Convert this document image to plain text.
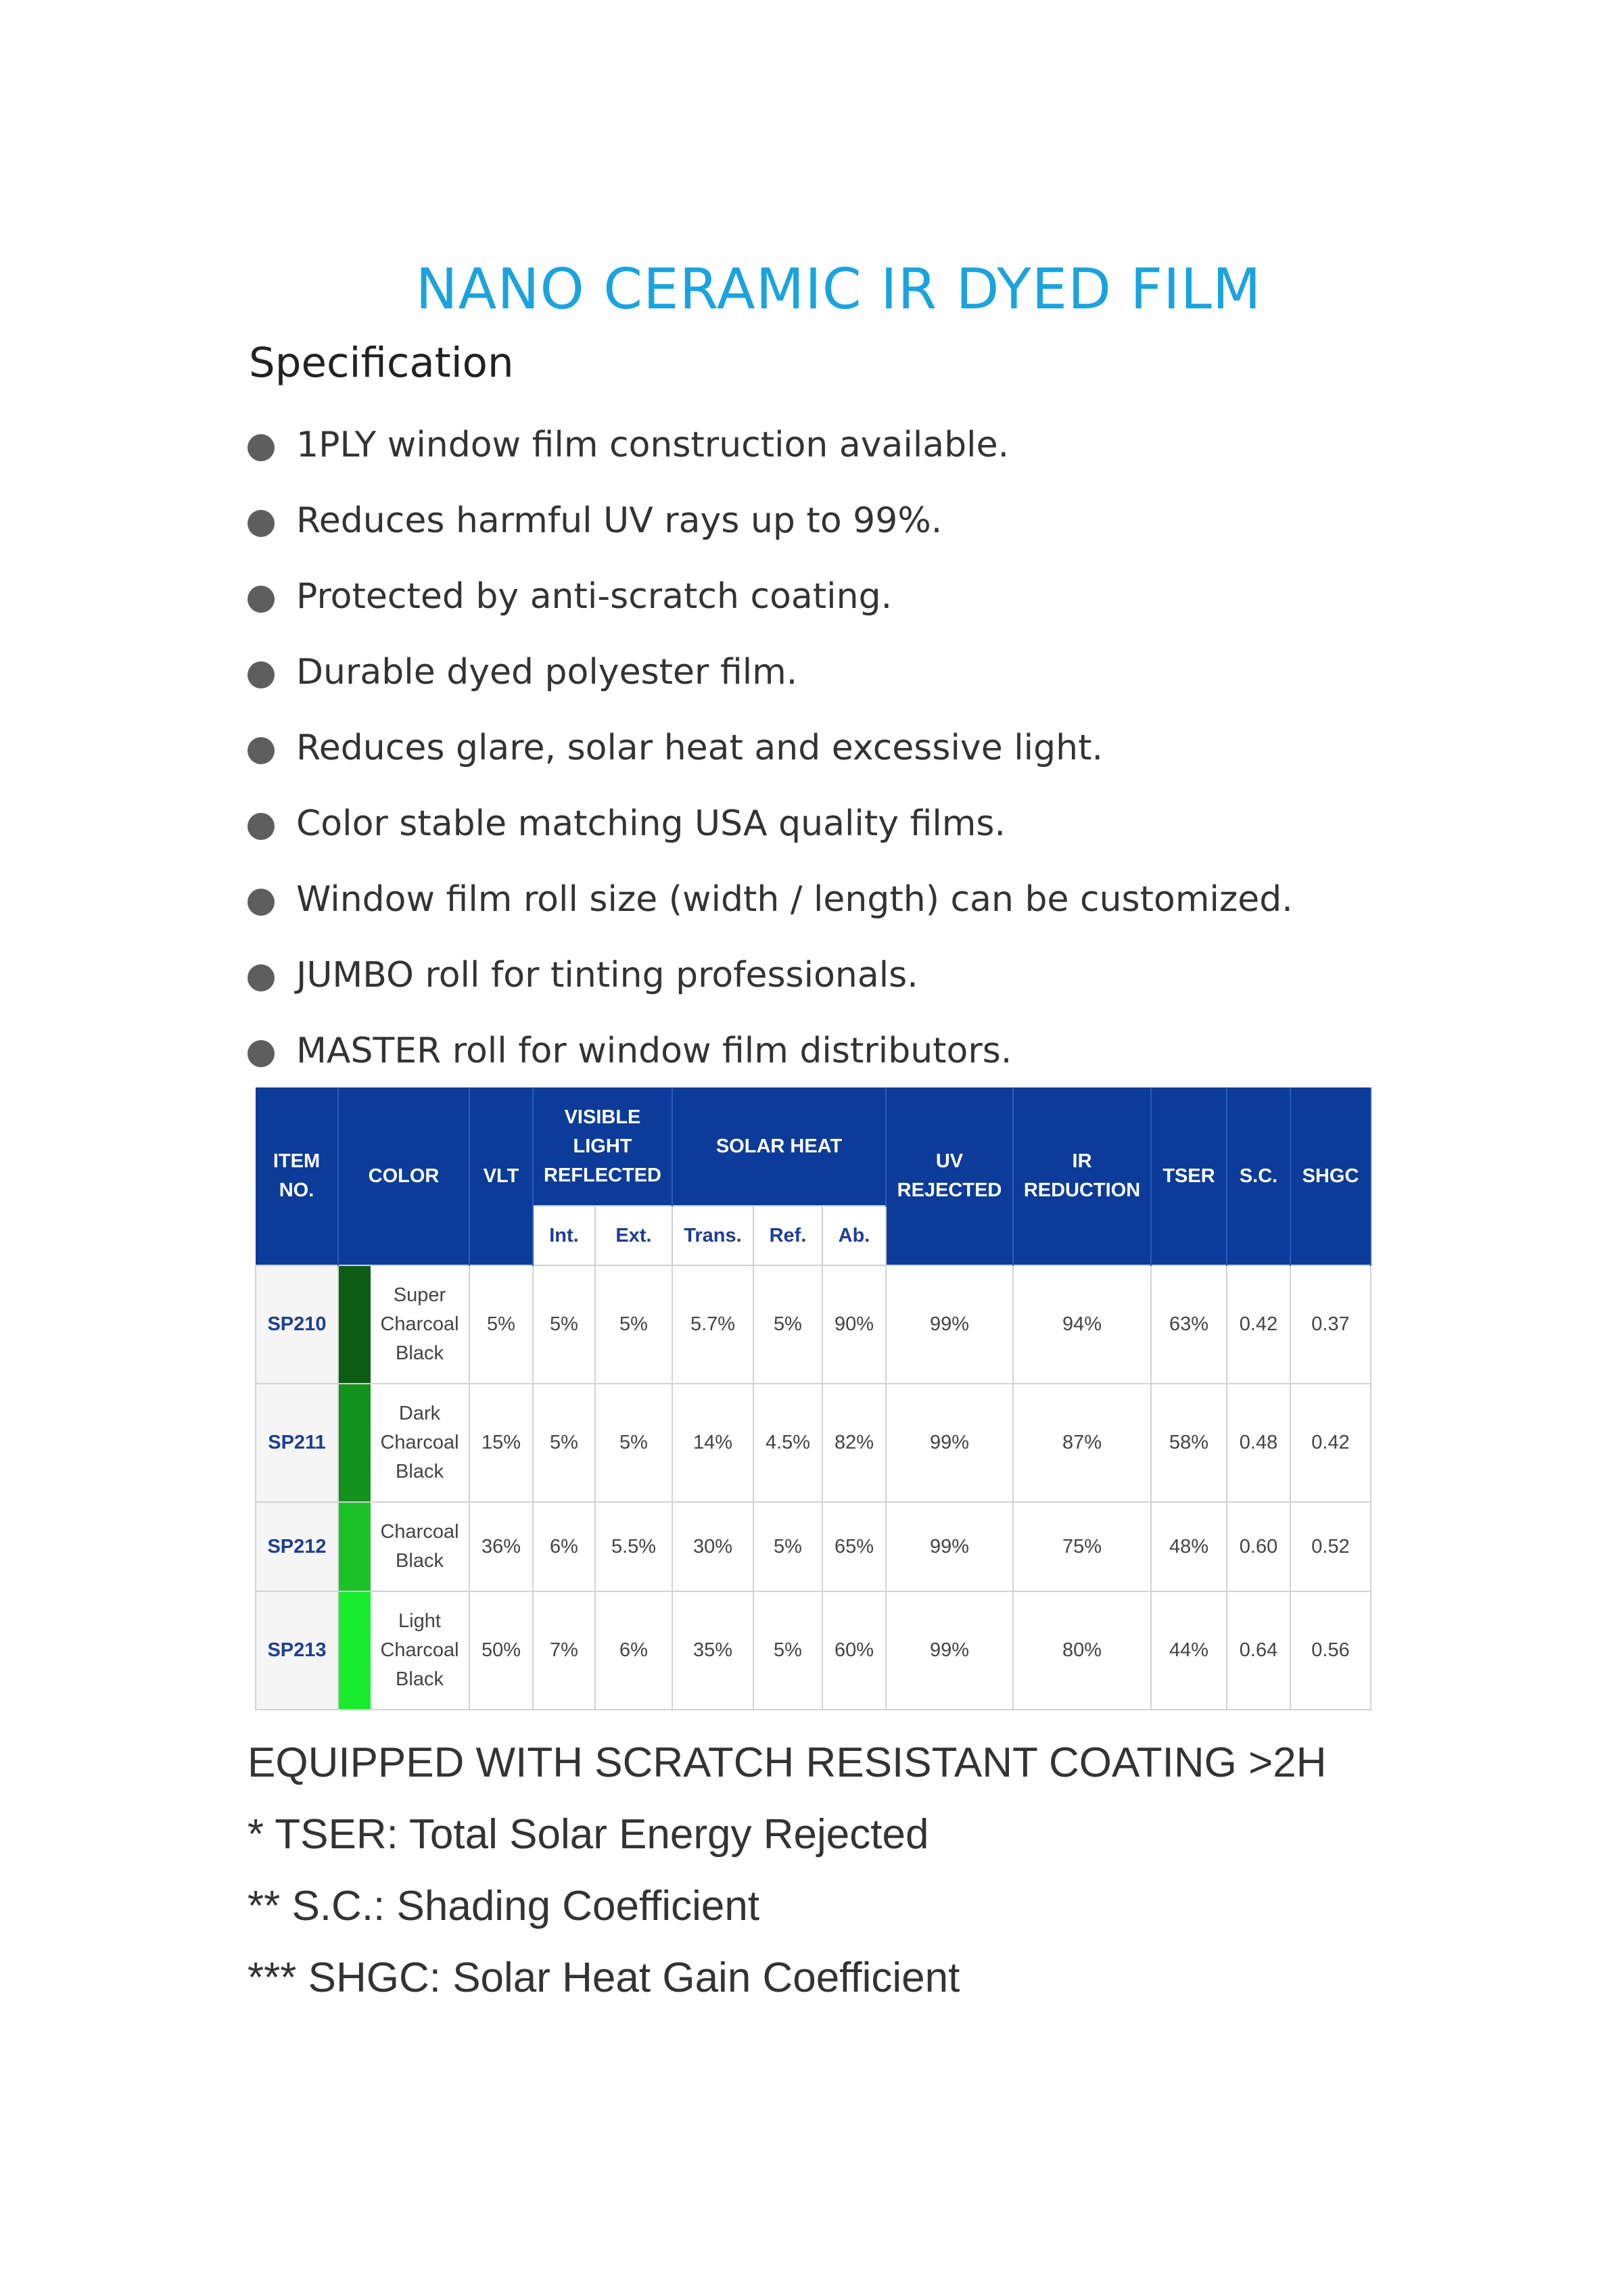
NANO CERAMIC IR DYED FILM
Specification
1PLY window film construction available.
Reduces harmful UV rays up to 99%.
Protected by anti-scratch coating.
Durable dyed polyester film.
Reduces glare, solar heat and excessive light.
Color stable matching USA quality films.
Window film roll size (width / length) can be customized.
JUMBO roll for tinting professionals.
MASTER roll for window film distributors.
ITEM NO.	COLOR		VLT	VISIBLE LIGHT REFLECTED		SOLAR HEAT			UV REJECTED	IR REDUCTION	TSER	S.C.	SHGC
				Int.	Ext.	Trans.	Ref.	Ab.					
SP210		Super Charcoal Black	5%	5%	5%	5.7%	5%	90%	99%	94%	63%	0.42	0.37
SP211		Dark Charcoal Black	15%	5%	5%	14%	4.5%	82%	99%	87%	58%	0.48	0.42
SP212		Charcoal Black	36%	6%	5.5%	30%	5%	65%	99%	75%	48%	0.60	0.52
SP213		Light Charcoal Black	50%	7%	6%	35%	5%	60%	99%	80%	44%	0.64	0.56
EQUIPPED WITH SCRATCH RESISTANT COATING >2H
* TSER: Total Solar Energy Rejected
** S.C.: Shading Coefficient
*** SHGC: Solar Heat Gain Coefficient
